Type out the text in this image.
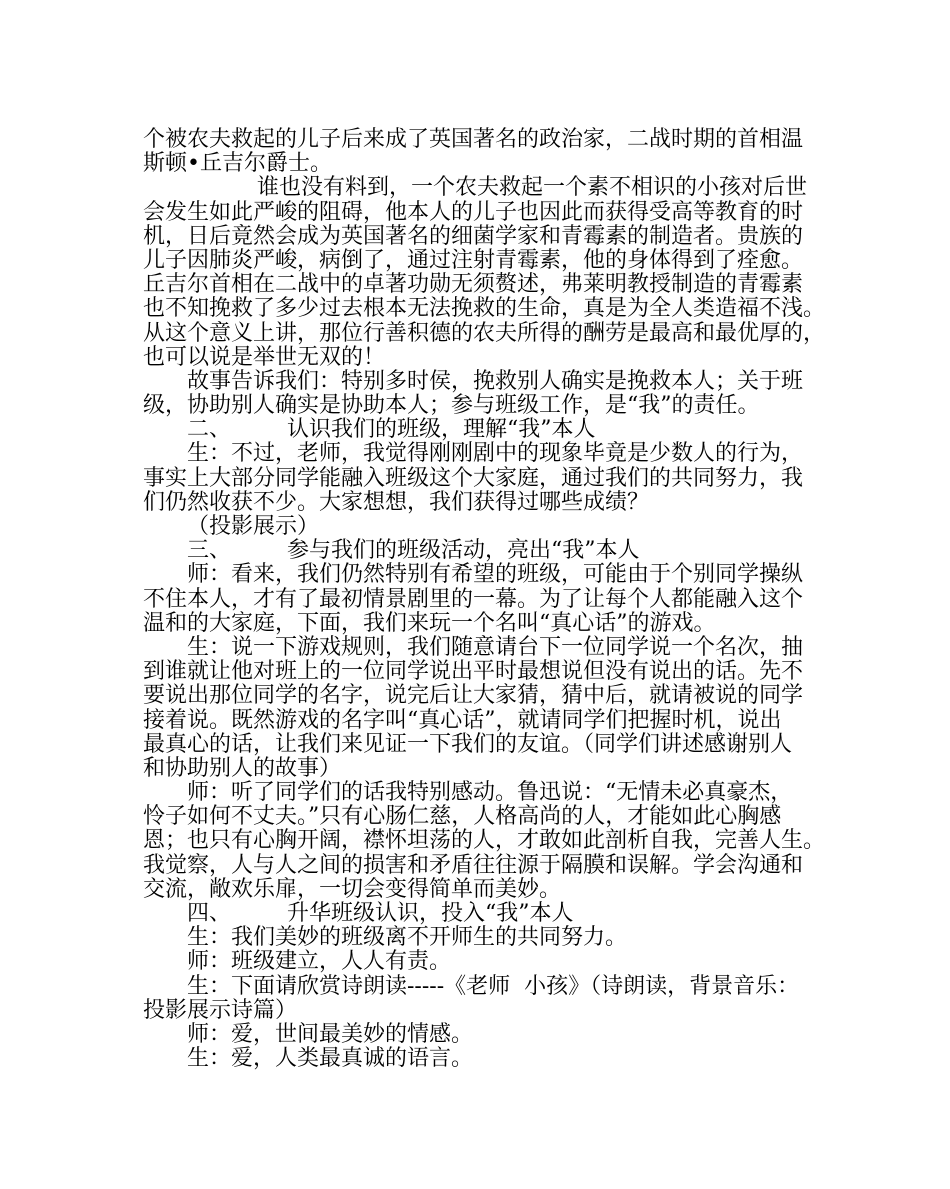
个被农夫救起的儿子后来成了英国著名的政治家，二战时期的首相温
斯顿•丘吉尔爵士。
谁也没有料到，一个农夫救起一个素不相识的小孩对后世
会发生如此严峻的阻碍，他本人的儿子也因此而获得受高等教育的时
机，日后竟然会成为英国著名的细菌学家和青霉素的制造者。贵族的
儿子因肺炎严峻，病倒了，通过注射青霉素，他的身体得到了痊愈。
丘吉尔首相在二战中的卓著功勋无须赘述，弗莱明教授制造的青霉素
也不知挽救了多少过去根本无法挽救的生命，真是为全人类造福不浅。
从这个意义上讲，那位行善积德的农夫所得的酬劳是最高和最优厚的，
也可以说是举世无双的！
故事告诉我们：特别多时侯，挽救别人确实是挽救本人；关于班
级，协助别人确实是协助本人；参与班级工作，是“我”的责任。
二、        认识我们的班级，理解“我”本人
生：不过，老师，我觉得刚刚剧中的现象毕竟是少数人的行为，
事实上大部分同学能融入班级这个大家庭，通过我们的共同努力，我
们仍然收获不少。大家想想，我们获得过哪些成绩？
（投影展示）
三、        参与我们的班级活动，亮出“我”本人
师：看来，我们仍然特别有希望的班级，可能由于个别同学操纵
不住本人，才有了最初情景剧里的一幕。为了让每个人都能融入这个
温和的大家庭，下面，我们来玩一个名叫“真心话”的游戏。
生：说一下游戏规则，我们随意请台下一位同学说一个名次，抽
到谁就让他对班上的一位同学说出平时最想说但没有说出的话。先不
要说出那位同学的名字，说完后让大家猜，猜中后，就请被说的同学
接着说。既然游戏的名字叫“真心话”，就请同学们把握时机，说出
最真心的话，让我们来见证一下我们的友谊。（同学们讲述感谢别人
和协助别人的故事）
师：听了同学们的话我特别感动。鲁迅说：“无情未必真豪杰，
怜子如何不丈夫。”只有心肠仁慈，人格高尚的人，才能如此心胸感
恩；也只有心胸开阔，襟怀坦荡的人，才敢如此剖析自我，完善人生。
我觉察，人与人之间的损害和矛盾往往源于隔膜和误解。学会沟通和
交流，敞欢乐扉，一切会变得简单而美妙。
四、        升华班级认识，投入“我”本人
生：我们美妙的班级离不开师生的共同努力。
师：班级建立，人人有责。
生：下面请欣赏诗朗读-----《老师  小孩》（诗朗读，背景音乐：
投影展示诗篇）
师：爱，世间最美妙的情感。
生：爱，人类最真诚的语言。
